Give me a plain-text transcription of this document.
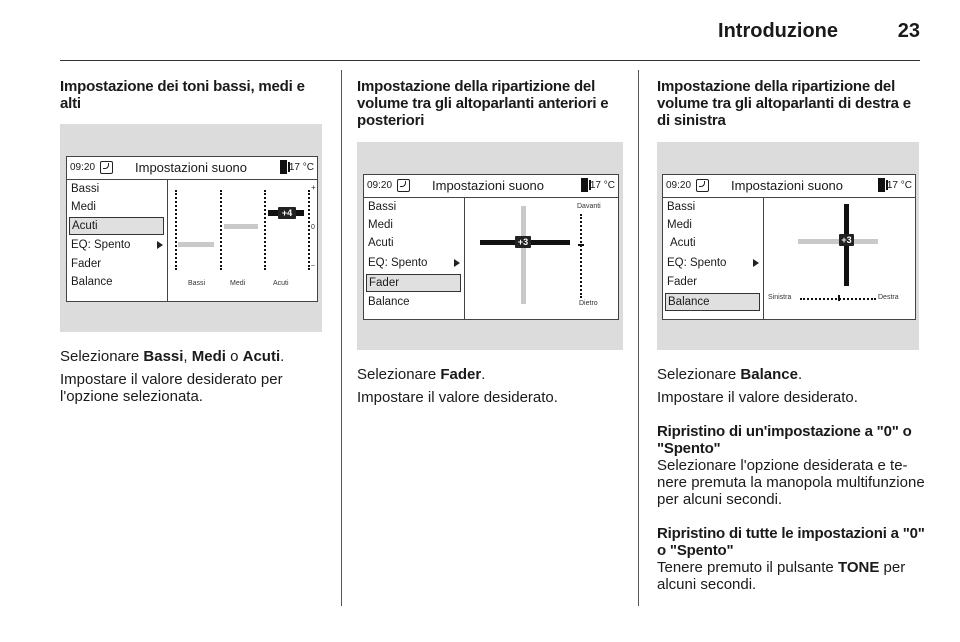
Introduzione	23
Impostazione dei toni bassi, medi e alti
09:20	Impostazioni suono	17 °C
Bassi
Medi
Acuti
EQ: Spento
Fader
Balance
+4
+
0
–
Bassi	Medi	Acuti

Selezionare Bassi, Medi o Acuti.

Impostare il valore desiderato per l'opzione selezionata.

Impostazione della ripartizione del volume tra gli altoparlanti anteriori e posteriori
09:20	Impostazioni suono	17 °C
Bassi
Medi
Acuti
EQ: Spento
Fader
Balance
+3
Davanti
Dietro

Selezionare Fader.

Impostare il valore desiderato.

Impostazione della ripartizione del volume tra gli altoparlanti di destra e di sinistra
09:20	Impostazioni suono	17 °C
Bassi
Medi
Acuti
EQ: Spento
Fader
Balance
+3
Sinistra	Destra

Selezionare Balance.

Impostare il valore desiderato.

Ripristino di un'impostazione a "0" o "Spento"

Selezionare l'opzione desiderata e tenere premuta la manopola multifunzione per alcuni secondi.

Ripristino di tutte le impostazioni a "0" o "Spento"

Tenere premuto il pulsante TONE per alcuni secondi.
